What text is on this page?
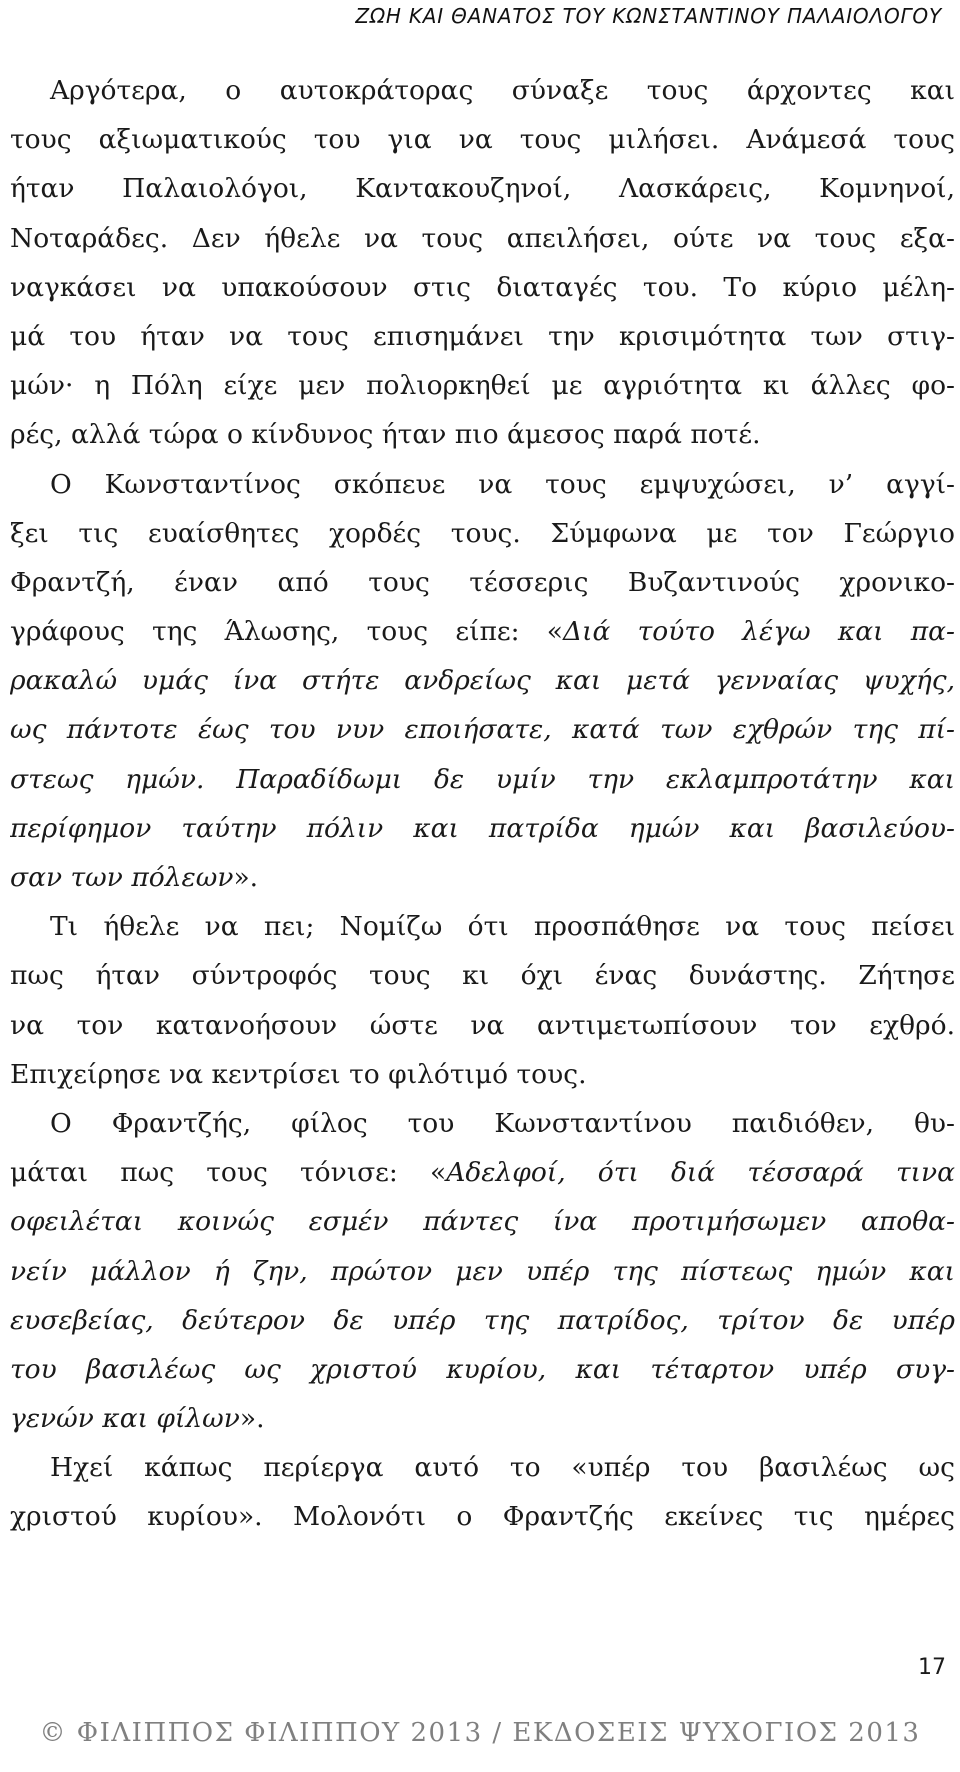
ΖΩΗ ΚΑΙ ΘΑΝΑΤΟΣ ΤΟΥ ΚΩΝΣΤΑΝΤΙΝΟΥ ΠΑΛΑΙΟΛΟΓΟΥ
Αργότερα, ο αυτοκράτορας σύναξε τους άρχοντες και
τους αξιωματικούς του για να τους μιλήσει. Ανάμεσά τους
ήταν Παλαιολόγοι, Καντακουζηνοί, Λασκάρεις, Κομνηνοί,
Νοταράδες. Δεν ήθελε να τους απειλήσει, ούτε να τους εξα-
ναγκάσει να υπακούσουν στις διαταγές του. Το κύριο μέλη-
μά του ήταν να τους επισημάνει την κρισιμότητα των στιγ-
μών· η Πόλη είχε μεν πολιορκηθεί με αγριότητα κι άλλες φο-
ρές, αλλά τώρα ο κίνδυνος ήταν πιο άμεσος παρά ποτέ.
Ο Κωνσταντίνος σκόπευε να τους εμψυχώσει, ν’ αγγί-
ξει τις ευαίσθητες χορδές τους. Σύμφωνα με τον Γεώργιο
Φραντζή, έναν από τους τέσσερις Βυζαντινούς χρονικο-
γράφους της Άλωσης, τους είπε: «Διά τούτο λέγω και πα-
ρακαλώ υμάς ίνα στήτε ανδρείως και μετά γενναίας ψυχής,
ως πάντοτε έως του νυν εποιήσατε, κατά των εχθρών της πί-
στεως ημών. Παραδίδωμι δε υμίν την εκλαμπροτάτην και
περίφημον ταύτην πόλιν και πατρίδα ημών και βασιλεύου-
σαν των πόλεων».
Τι ήθελε να πει; Νομίζω ότι προσπάθησε να τους πείσει
πως ήταν σύντροφός τους κι όχι ένας δυνάστης. Ζήτησε
να τον κατανοήσουν ώστε να αντιμετωπίσουν τον εχθρό.
Επιχείρησε να κεντρίσει το φιλότιμό τους.
Ο Φραντζής, φίλος του Κωνσταντίνου παιδιόθεν, θυ-
μάται πως τους τόνισε: «Αδελφοί, ότι διά τέσσαρά τινα
οφειλέται κοινώς εσμέν πάντες ίνα προτιμήσωμεν αποθα-
νείν μάλλον ή ζην, πρώτον μεν υπέρ της πίστεως ημών και
ευσεβείας, δεύτερον δε υπέρ της πατρίδος, τρίτον δε υπέρ
του βασιλέως ως χριστού κυρίου, και τέταρτον υπέρ συγ-
γενών και φίλων».
Ηχεί κάπως περίεργα αυτό το «υπέρ του βασιλέως ως
χριστού κυρίου». Μολονότι ο Φραντζής εκείνες τις ημέρες
17
© ΦΙΛΙΠΠΟΣ ΦΙΛΙΠΠΟΥ 2013 / ΕΚΔΟΣΕΙΣ ΨΥΧΟΓΙΟΣ 2013
